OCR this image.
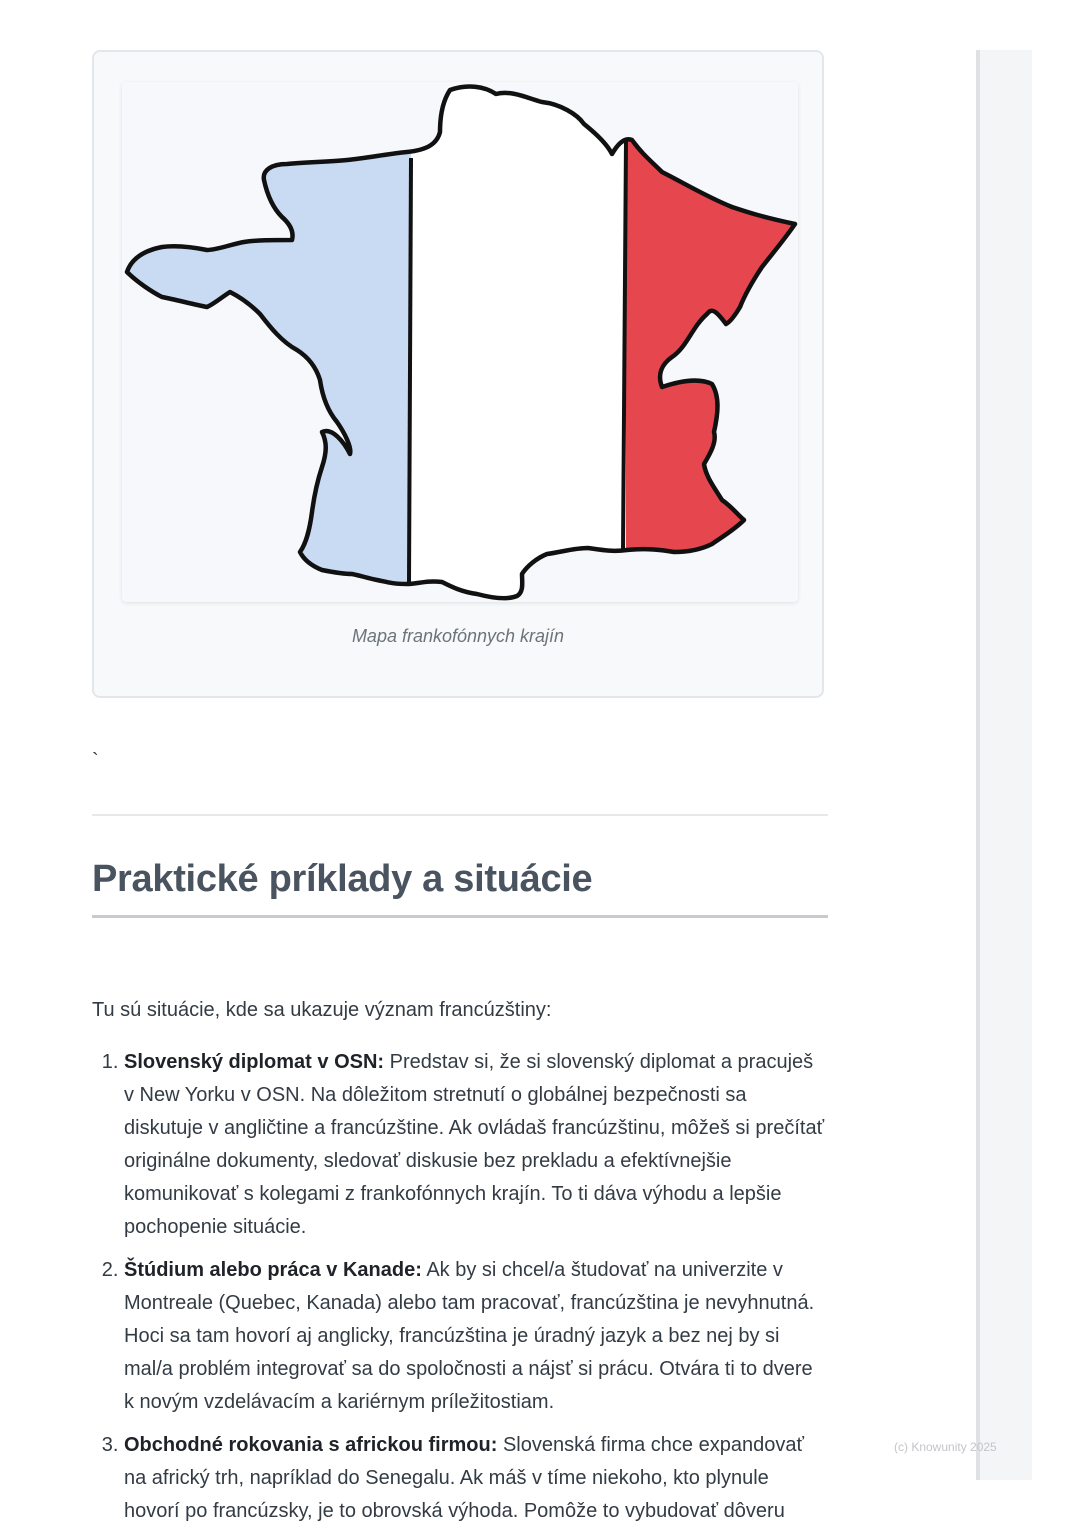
Mapa frankofónnych krajín
`
Praktické príklady a situácie

Tu sú situácie, kde sa ukazuje význam francúzštiny:

1. Slovenský diplomat v OSN: Predstav si, že si slovenský diplomat a pracuješ v New Yorku v OSN. Na dôležitom stretnutí o globálnej bezpečnosti sa diskutuje v angličtine a francúzštine. Ak ovládaš francúzštinu, môžeš si prečítať originálne dokumenty, sledovať diskusie bez prekladu a efektívnejšie komunikovať s kolegami z frankofónnych krajín. To ti dáva výhodu a lepšie pochopenie situácie.
2. Štúdium alebo práca v Kanade: Ak by si chcel/a študovať na univerzite v Montreale (Quebec, Kanada) alebo tam pracovať, francúzština je nevyhnutná. Hoci sa tam hovorí aj anglicky, francúzština je úradný jazyk a bez nej by si mal/a problém integrovať sa do spoločnosti a nájsť si prácu. Otvára ti to dvere k novým vzdelávacím a kariérnym príležitostiam.
3. Obchodné rokovania s africkou firmou: Slovenská firma chce expandovať na africký trh, napríklad do Senegalu. Ak máš v tíme niekoho, kto plynule hovorí po francúzsky, je to obrovská výhoda. Pomôže to vybudovať dôveru
(c) Knowunity 2025
